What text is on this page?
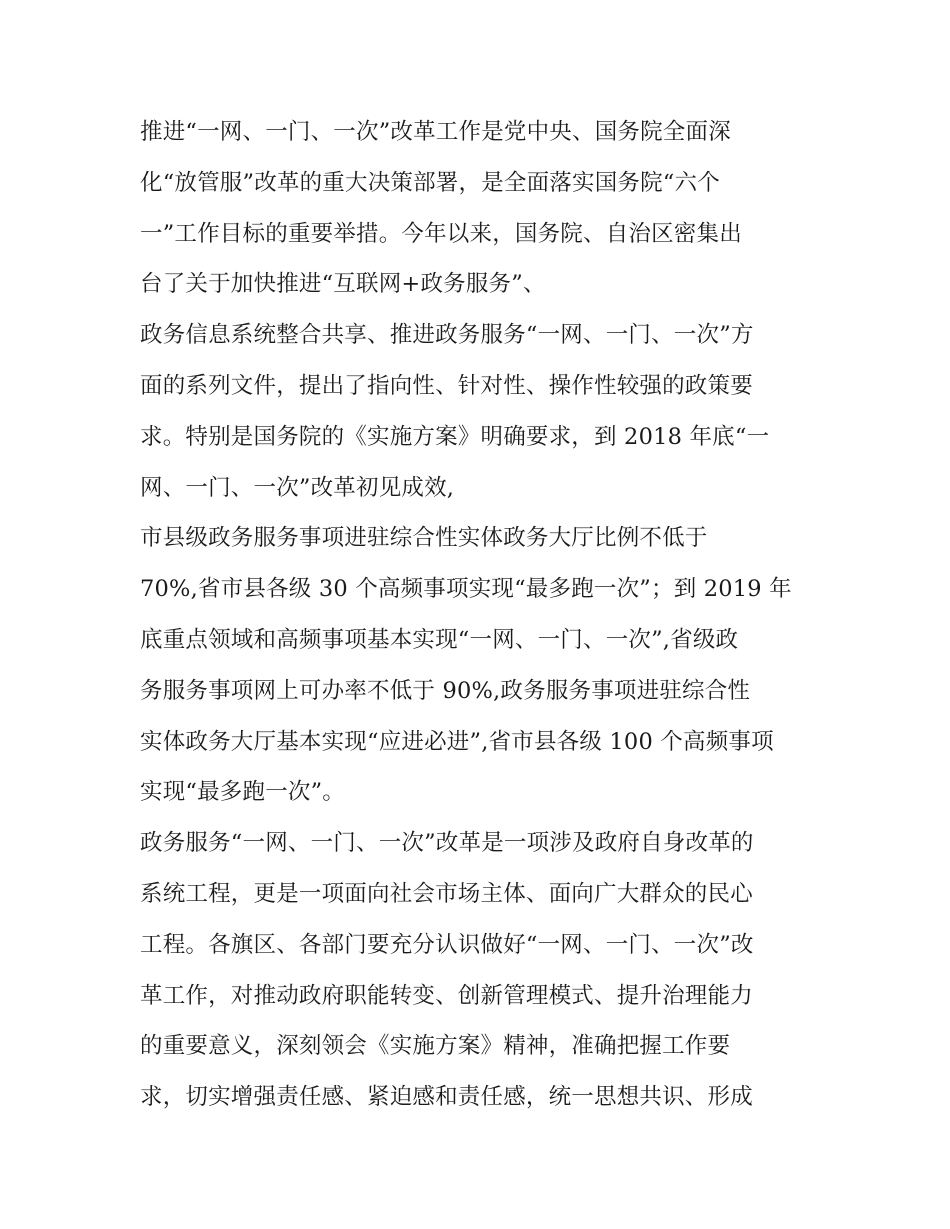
推进“一网、一门、一次”改革工作是党中央、国务院全面深
化“放管服”改革的重大决策部署，是全面落实国务院“六个
一”工作目标的重要举措。今年以来，国务院、自治区密集出
台了关于加快推进“互联网+政务服务”、
政务信息系统整合共享、推进政务服务“一网、一门、一次”方
面的系列文件，提出了指向性、针对性、操作性较强的政策要
求。特别是国务院的《实施方案》明确要求，到 2018 年底“一
网、一门、一次”改革初见成效,
市县级政务服务事项进驻综合性实体政务大厅比例不低于
70%,省市县各级 30 个高频事项实现“最多跑一次”；到 2019 年
底重点领域和高频事项基本实现“一网、一门、一次”,省级政
务服务事项网上可办率不低于 90%,政务服务事项进驻综合性
实体政务大厅基本实现“应进必进”,省市县各级 100 个高频事项
实现“最多跑一次”。
政务服务“一网、一门、一次”改革是一项涉及政府自身改革的
系统工程，更是一项面向社会市场主体、面向广大群众的民心
工程。各旗区、各部门要充分认识做好“一网、一门、一次”改
革工作，对推动政府职能转变、创新管理模式、提升治理能力
的重要意义，深刻领会《实施方案》精神，准确把握工作要
求，切实增强责任感、紧迫感和责任感，统一思想共识、形成
